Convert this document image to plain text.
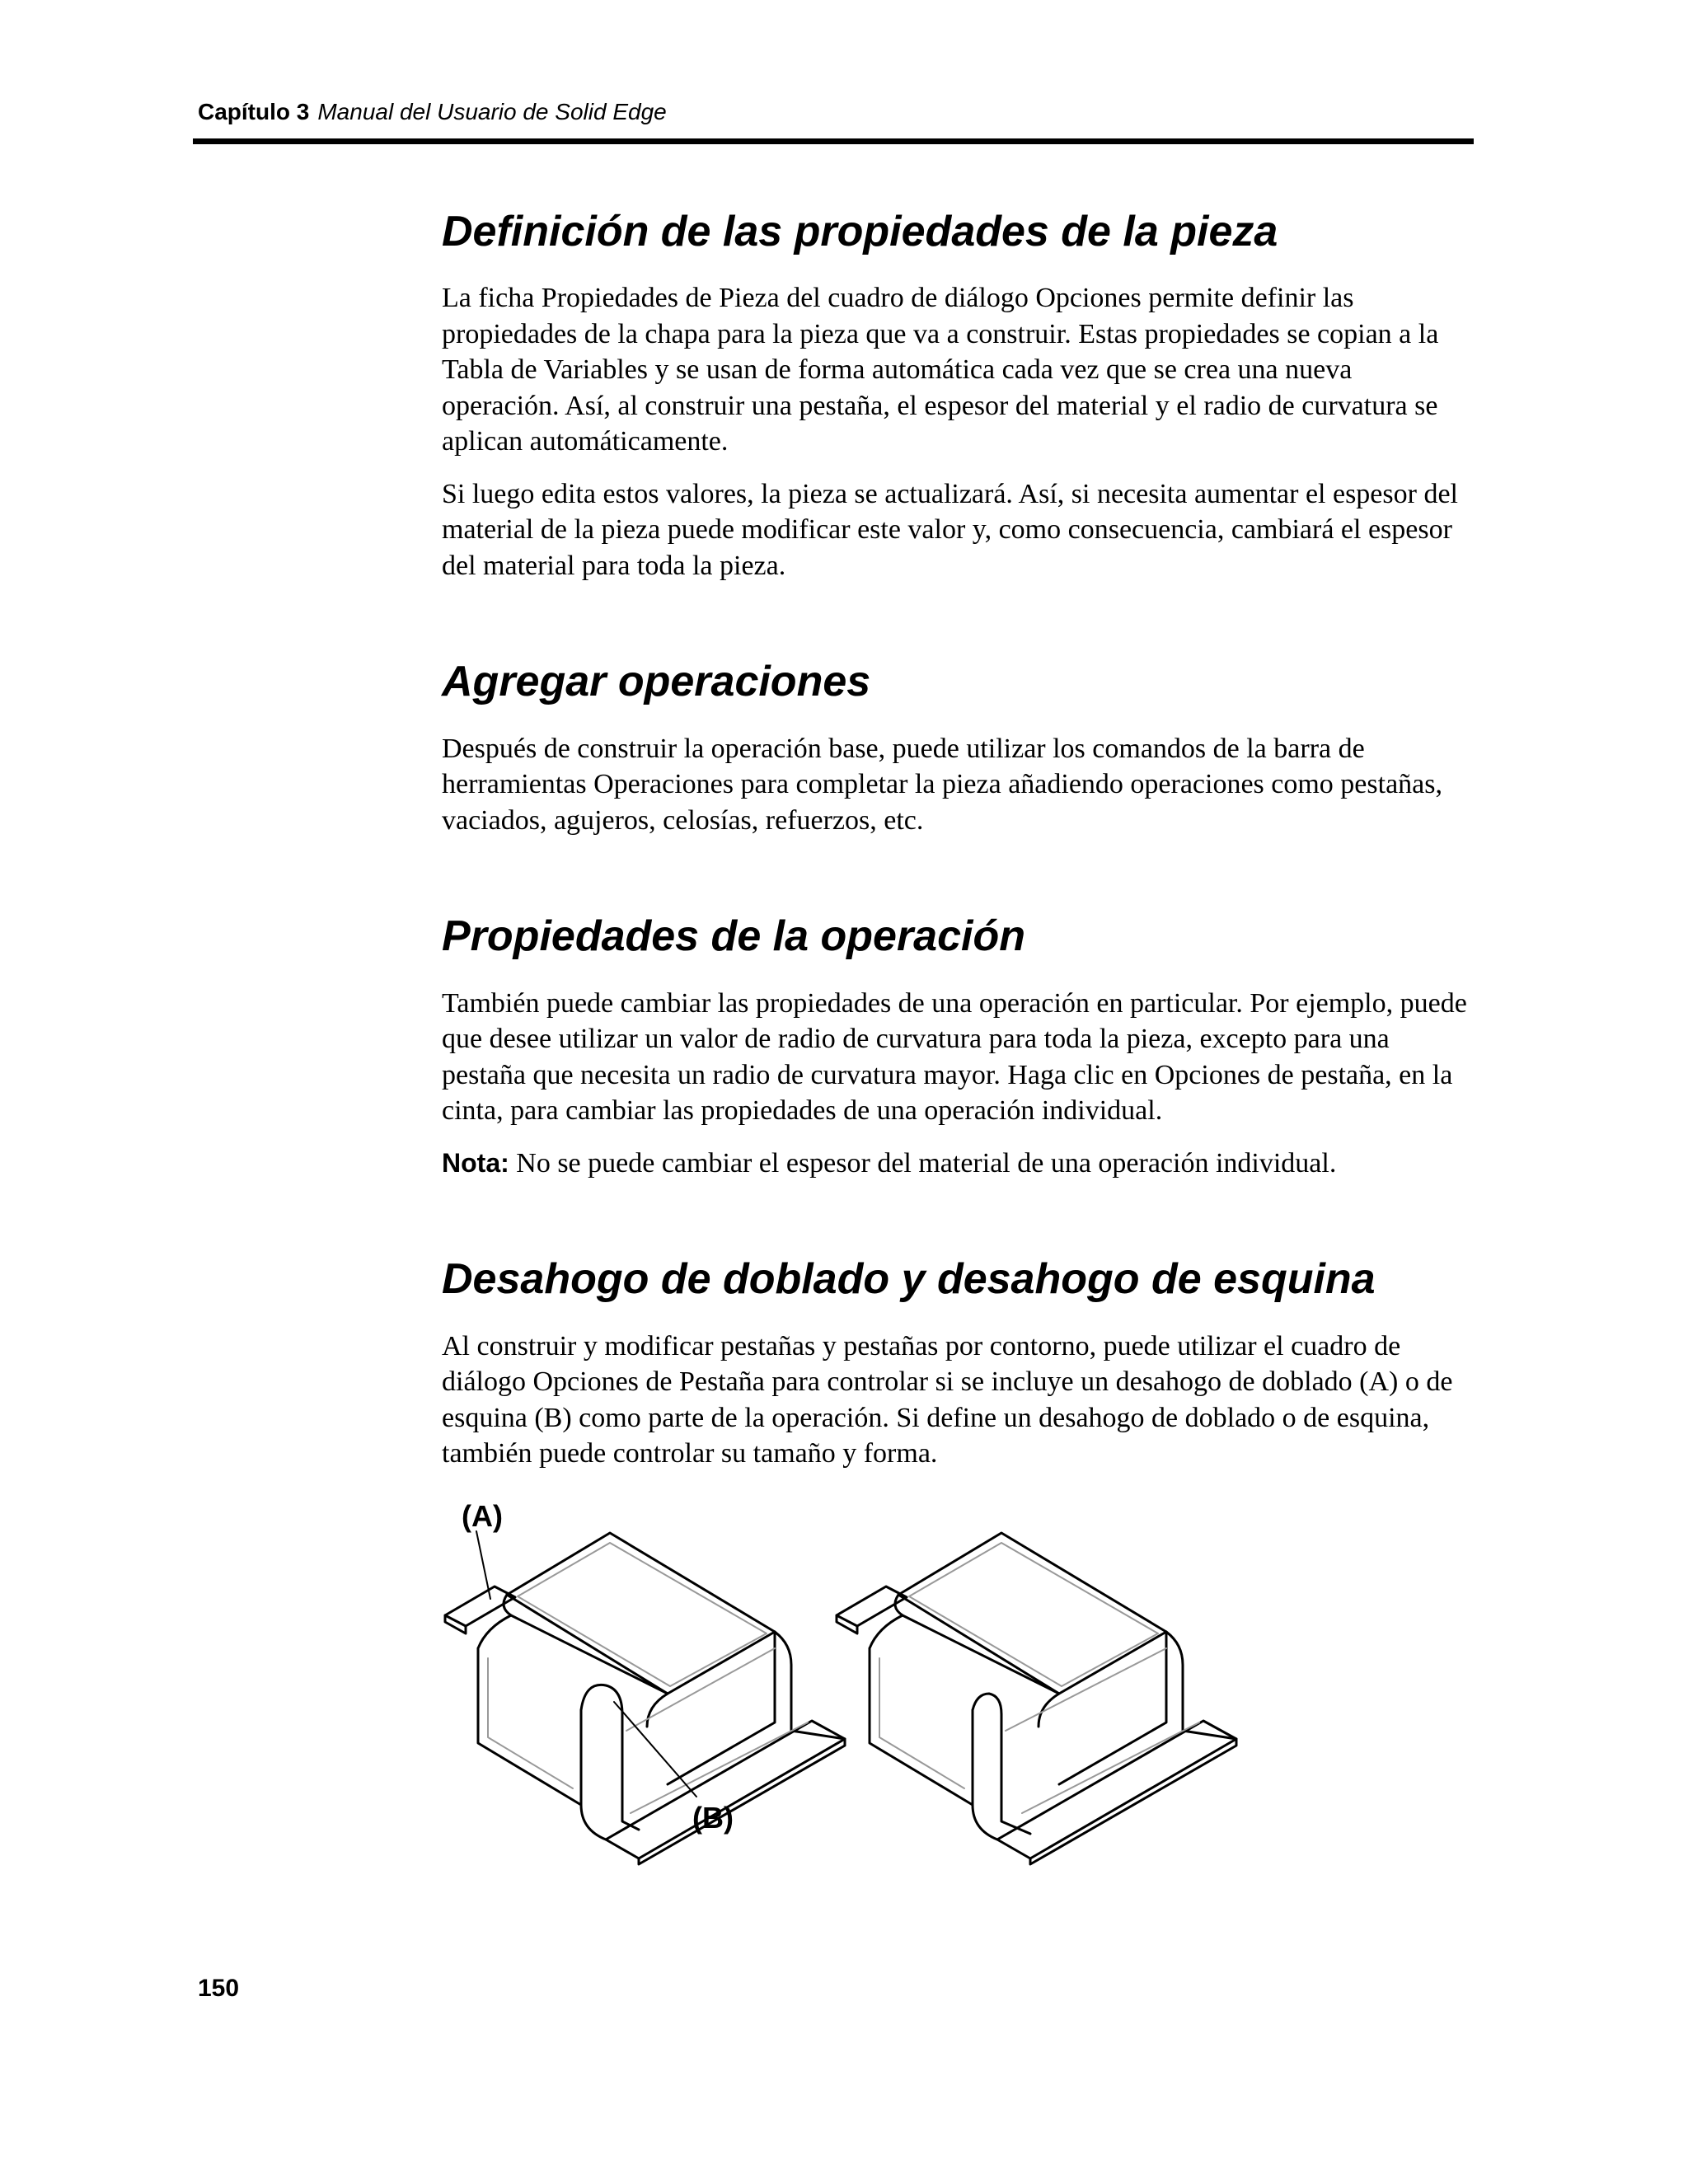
Capítulo 3 Manual del Usuario de Solid Edge
Definición de las propiedades de la pieza

La ficha Propiedades de Pieza del cuadro de diálogo Opciones permite definir las propiedades de la chapa para la pieza que va a construir. Estas propiedades se copian a la Tabla de Variables y se usan de forma automática cada vez que se crea una nueva operación. Así, al construir una pestaña, el espesor del material y el radio de curvatura se aplican automáticamente.

Si luego edita estos valores, la pieza se actualizará. Así, si necesita aumentar el espesor del material de la pieza puede modificar este valor y, como consecuencia, cambiará el espesor del material para toda la pieza.

Agregar operaciones

Después de construir la operación base, puede utilizar los comandos de la barra de herramientas Operaciones para completar la pieza añadiendo operaciones como pestañas, vaciados, agujeros, celosías, refuerzos, etc.

Propiedades de la operación

También puede cambiar las propiedades de una operación en particular. Por ejemplo, puede que desee utilizar un valor de radio de curvatura para toda la pieza, excepto para una pestaña que necesita un radio de curvatura mayor. Haga clic en Opciones de pestaña, en la cinta, para cambiar las propiedades de una operación individual.

Nota: No se puede cambiar el espesor del material de una operación individual.

Desahogo de doblado y desahogo de esquina

Al construir y modificar pestañas y pestañas por contorno, puede utilizar el cuadro de diálogo Opciones de Pestaña para controlar si se incluye un desahogo de doblado (A) o de esquina (B) como parte de la operación. Si define un desahogo de doblado o de esquina, también puede controlar su tamaño y forma.

(A)
(B)
150
